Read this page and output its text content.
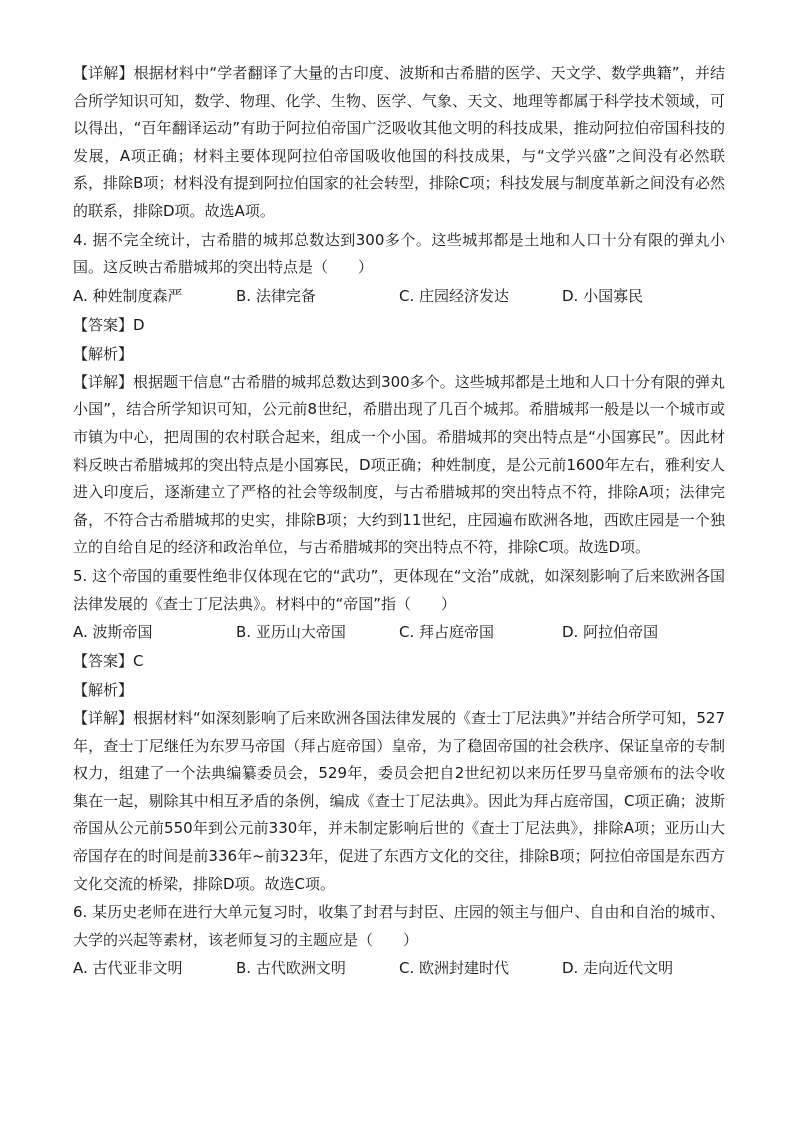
【详解】根据材料中“学者翻译了大量的古印度、波斯和古希腊的医学、天文学、数学典籍”，并结合所学知识可知，数学、物理、化学、生物、医学、气象、天文、地理等都属于科学技术领域，可以得出，“百年翻译运动”有助于阿拉伯帝国广泛吸收其他文明的科技成果，推动阿拉伯帝国科技的发展，A项正确；材料主要体现阿拉伯帝国吸收他国的科技成果，与“文学兴盛”之间没有必然联系，排除B项；材料没有提到阿拉伯国家的社会转型，排除C项；科技发展与制度革新之间没有必然的联系，排除D项。故选A项。

4. 据不完全统计，古希腊的城邦总数达到300多个。这些城邦都是土地和人口十分有限的弹丸小国。这反映古希腊城邦的突出特点是（　　）

A. 种姓制度森严	B. 法律完备	C. 庄园经济发达	D. 小国寡民

【答案】D

【解析】

【详解】根据题干信息“古希腊的城邦总数达到300多个。这些城邦都是土地和人口十分有限的弹丸小国”，结合所学知识可知，公元前8世纪，希腊出现了几百个城邦。希腊城邦一般是以一个城市或市镇为中心，把周围的农村联合起来，组成一个小国。希腊城邦的突出特点是“小国寡民”。因此材料反映古希腊城邦的突出特点是小国寡民，D项正确；种姓制度，是公元前1600年左右，雅利安人进入印度后，逐渐建立了严格的社会等级制度，与古希腊城邦的突出特点不符，排除A项；法律完备，不符合古希腊城邦的史实，排除B项；大约到11世纪，庄园遍布欧洲各地，西欧庄园是一个独立的自给自足的经济和政治单位，与古希腊城邦的突出特点不符，排除C项。故选D项。

5. 这个帝国的重要性绝非仅体现在它的“武功”，更体现在“文治”成就，如深刻影响了后来欧洲各国法律发展的《查士丁尼法典》。材料中的“帝国”指（　　）

A. 波斯帝国	B. 亚历山大帝国	C. 拜占庭帝国	D. 阿拉伯帝国

【答案】C

【解析】

【详解】根据材料“如深刻影响了后来欧洲各国法律发展的《查士丁尼法典》”并结合所学可知，527年，查士丁尼继任为东罗马帝国（拜占庭帝国）皇帝，为了稳固帝国的社会秩序、保证皇帝的专制权力，组建了一个法典编纂委员会，529年，委员会把自2世纪初以来历任罗马皇帝颁布的法令收集在一起，剔除其中相互矛盾的条例，编成《查士丁尼法典》。因此为拜占庭帝国，C项正确；波斯帝国从公元前550年到公元前330年，并未制定影响后世的《查士丁尼法典》，排除A项；亚历山大帝国存在的时间是前336年~前323年，促进了东西方文化的交往，排除B项；阿拉伯帝国是东西方文化交流的桥梁，排除D项。故选C项。

6. 某历史老师在进行大单元复习时，收集了封君与封臣、庄园的领主与佃户、自由和自治的城市、大学的兴起等素材，该老师复习的主题应是（　　）

A. 古代亚非文明	B. 古代欧洲文明	C. 欧洲封建时代	D. 走向近代文明
